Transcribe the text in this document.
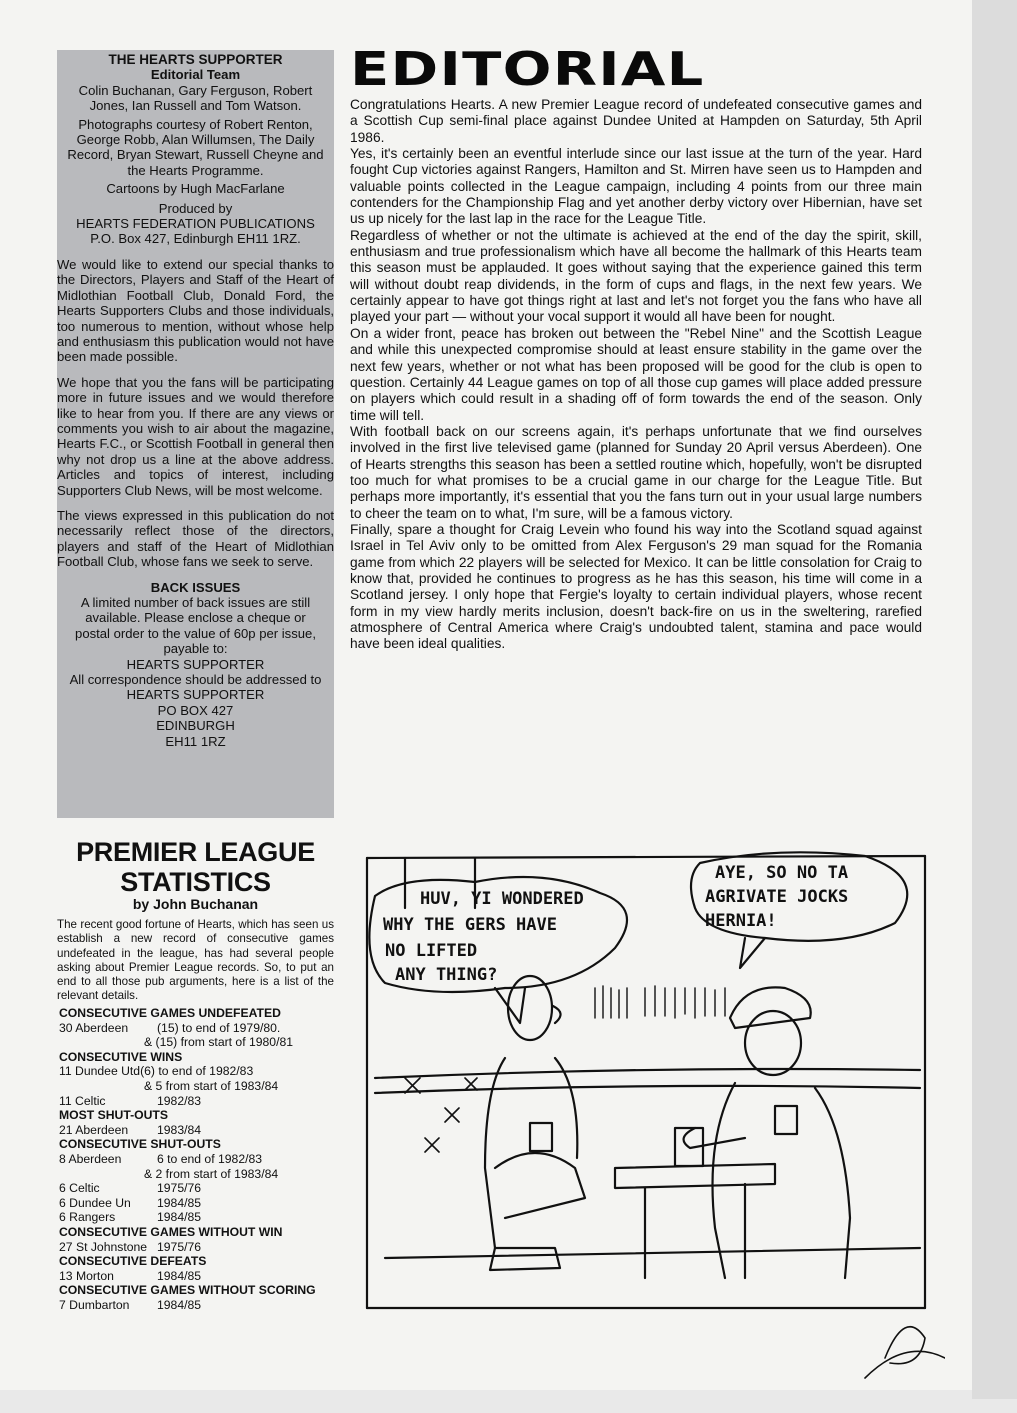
THE HEARTS SUPPORTER

Editorial Team

Colin Buchanan, Gary Ferguson, Robert Jones, Ian Russell and Tom Watson.

Photographs courtesy of Robert Renton, George Robb, Alan Willumsen, The Daily Record, Bryan Stewart, Russell Cheyne and the Hearts Programme.

Cartoons by Hugh MacFarlane

Produced by

HEARTS FEDERATION PUBLICATIONS

P.O. Box 427, Edinburgh EH11 1RZ.

We would like to extend our special thanks to the Directors, Players and Staff of the Heart of Midlothian Football Club, Donald Ford, the Hearts Supporters Clubs and those individuals, too numerous to mention, without whose help and enthusiasm this publication would not have been made possible.

We hope that you the fans will be participating more in future issues and we would therefore like to hear from you. If there are any views or comments you wish to air about the magazine, Hearts F.C., or Scottish Football in general then why not drop us a line at the above address. Articles and topics of interest, including Supporters Club News, will be most welcome.

The views expressed in this publication do not necessarily reflect those of the directors, players and staff of the Heart of Midlothian Football Club, whose fans we seek to serve.

BACK ISSUES

A limited number of back issues are still available. Please enclose a cheque or postal order to the value of 60p per issue, payable to:

HEARTS SUPPORTER

All correspondence should be addressed to

HEARTS SUPPORTER

PO BOX 427

EDINBURGH

EH11 1RZ

PREMIER LEAGUE
STATISTICS
by John Buchanan
The recent good fortune of Hearts, which has seen us establish a new record of consecutive games undefeated in the league, has had several people asking about Premier League records. So, to put an end to all those pub arguments, here is a list of the relevant details.
CONSECUTIVE GAMES UNDEFEATED
30 Aberdeen (15) to end of 1979/80.
& (15) from start of 1980/81
CONSECUTIVE WINS
11 Dundee Utd(6) to end of 1982/83
& 5 from start of 1983/84
11 Celtic	1982/83
MOST SHUT-OUTS
21 Aberdeen 1983/84
CONSECUTIVE SHUT-OUTS
8 Aberdeen	6 to end of 1982/83
& 2 from start of 1983/84
6 Celtic	1975/76
6 Dundee Un 1984/85
6 Rangers	1984/85
CONSECUTIVE GAMES WITHOUT WIN
27 St Johnstone 1975/76
CONSECUTIVE DEFEATS
13 Morton	1984/85
CONSECUTIVE GAMES WITHOUT SCORING
7 Dumbarton 1984/85
EDITORIAL

Congratulations Hearts. A new Premier League record of undefeated consecutive games and a Scottish Cup semi-final place against Dundee United at Hampden on Saturday, 5th April 1986.

Yes, it's certainly been an eventful interlude since our last issue at the turn of the year. Hard fought Cup victories against Rangers, Hamilton and St. Mirren have seen us to Hampden and valuable points collected in the League campaign, including 4 points from our three main contenders for the Championship Flag and yet another derby victory over Hibernian, have set us up nicely for the last lap in the race for the League Title.

Regardless of whether or not the ultimate is achieved at the end of the day the spirit, skill, enthusiasm and true professionalism which have all become the hallmark of this Hearts team this season must be applauded. It goes without saying that the experience gained this term will without doubt reap dividends, in the form of cups and flags, in the next few years. We certainly appear to have got things right at last and let's not forget you the fans who have all played your part — without your vocal support it would all have been for nought.

On a wider front, peace has broken out between the "Rebel Nine" and the Scottish League and while this unexpected compromise should at least ensure stability in the game over the next few years, whether or not what has been proposed will be good for the club is open to question. Certainly 44 League games on top of all those cup games will place added pressure on players which could result in a shading off of form towards the end of the season. Only time will tell.

With football back on our screens again, it's perhaps unfortunate that we find ourselves involved in the first live televised game (planned for Sunday 20 April versus Aberdeen). One of Hearts strengths this season has been a settled routine which, hopefully, won't be disrupted too much for what promises to be a crucial game in our charge for the League Title. But perhaps more importantly, it's essential that you the fans turn out in your usual large numbers to cheer the team on to what, I'm sure, will be a famous victory.

Finally, spare a thought for Craig Levein who found his way into the Scotland squad against Israel in Tel Aviv only to be omitted from Alex Ferguson's 29 man squad for the Romania game from which 22 players will be selected for Mexico. It can be little consolation for Craig to know that, provided he continues to progress as he has this season, his time will come in a Scotland jersey. I only hope that Fergie's loyalty to certain individual players, whose recent form in my view hardly merits inclusion, doesn't back-fire on us in the sweltering, rarefied atmosphere of Central America where Craig's undoubted talent, stamina and pace would have been ideal qualities.

HUV, YI WONDERED
WHY THE GERS HAVE
NO LIFTED
ANY THING?
AYE, SO NO TA
AGRIVATE JOCKS
HERNIA!
